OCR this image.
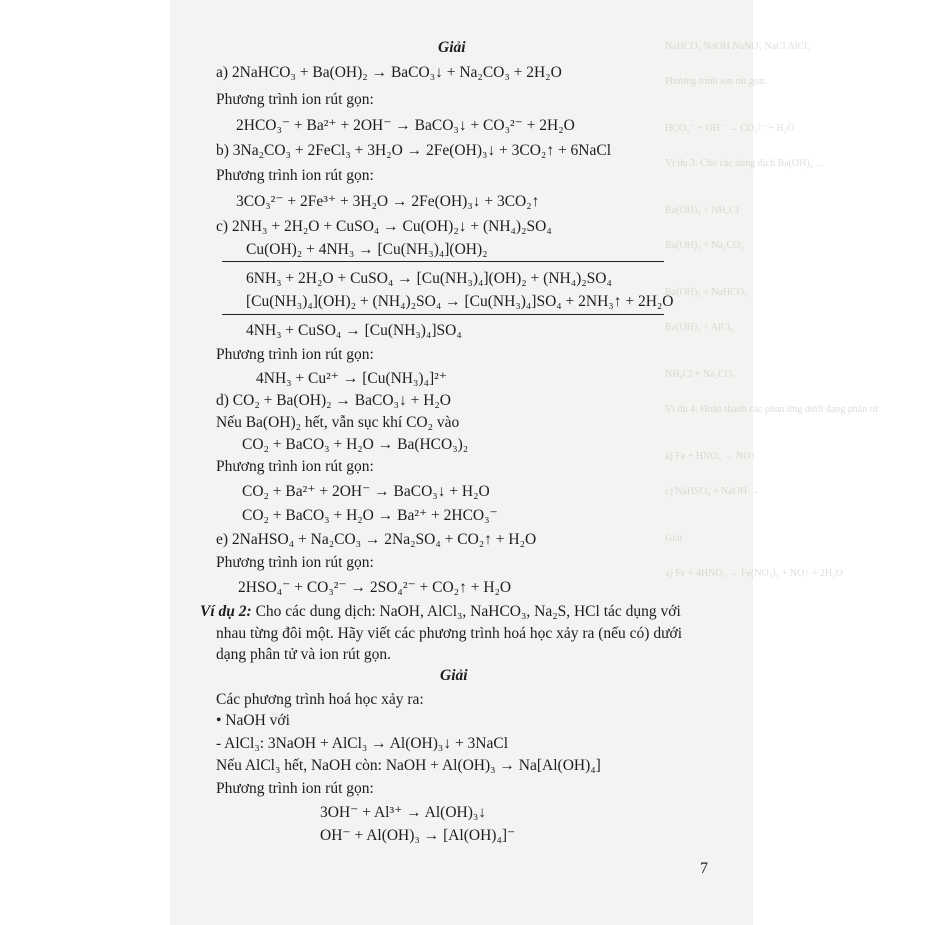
NaHCO₃ NaOH NaNO₃ NaCl AlCl₃
Phương trình ion rút gọn:
HCO₃⁻ + OH⁻ → CO₃²⁻ + H₂O
Ví dụ 3: Cho các dung dịch Ba(OH)₂ ...
Ba(OH)₂ + NH₄Cl
Ba(OH)₂ + Na₂CO₃
Ba(OH)₂ + NaHCO₃
Ba(OH)₂ + AlCl₃
NH₄Cl + Na₂CO₃
Ví dụ 4: Hoàn thành các phản ứng dưới dạng phân tử
a) Fe + HNO₃ → NO↑
c) NaHSO₄ + NaOH →
Giải
a) Fe + 4HNO₃ → Fe(NO₃)₃ + NO↑ + 2H₂O
Giải
a) 2NaHCO₃ + Ba(OH)₂ → BaCO₃↓ + Na₂CO₃ + 2H₂O
Phương trình ion rút gọn:
2HCO₃⁻ + Ba²⁺ + 2OH⁻ → BaCO₃↓ + CO₃²⁻ + 2H₂O
b) 3Na₂CO₃ + 2FeCl₃ + 3H₂O → 2Fe(OH)₃↓ + 3CO₂↑ + 6NaCl
Phương trình ion rút gọn:
3CO₃²⁻ + 2Fe³⁺ + 3H₂O → 2Fe(OH)₃↓ + 3CO₂↑
c) 2NH₃ + 2H₂O + CuSO₄ → Cu(OH)₂↓ + (NH₄)₂SO₄
Cu(OH)₂ + 4NH₃ → [Cu(NH₃)₄](OH)₂
6NH₃ + 2H₂O + CuSO₄ → [Cu(NH₃)₄](OH)₂ + (NH₄)₂SO₄
[Cu(NH₃)₄](OH)₂ + (NH₄)₂SO₄ → [Cu(NH₃)₄]SO₄ + 2NH₃↑ + 2H₂O
4NH₃ + CuSO₄ → [Cu(NH₃)₄]SO₄
Phương trình ion rút gọn:
4NH₃ + Cu²⁺ → [Cu(NH₃)₄]²⁺
d) CO₂ + Ba(OH)₂ → BaCO₃↓ + H₂O
Nếu Ba(OH)₂ hết, vẫn sục khí CO₂ vào
CO₂ + BaCO₃ + H₂O → Ba(HCO₃)₂
Phương trình ion rút gọn:
CO₂ + Ba²⁺ + 2OH⁻ → BaCO₃↓ + H₂O
CO₂ + BaCO₃ + H₂O → Ba²⁺ + 2HCO₃⁻
e) 2NaHSO₄ + Na₂CO₃ → 2Na₂SO₄ + CO₂↑ + H₂O
Phương trình ion rút gọn:
2HSO₄⁻ + CO₃²⁻ → 2SO₄²⁻ + CO₂↑ + H₂O
Giải
Các phương trình hoá học xảy ra:
• NaOH với
- AlCl₃: 3NaOH + AlCl₃ → Al(OH)₃↓ + 3NaCl
Nếu AlCl₃ hết, NaOH còn: NaOH + Al(OH)₃ → Na[Al(OH)₄]
Phương trình ion rút gọn:
3OH⁻ + Al³⁺ → Al(OH)₃↓
OH⁻ + Al(OH)₃ → [Al(OH)₄]⁻
Ví dụ 2: Cho các dung dịch: NaOH, AlCl₃, NaHCO₃, Na₂S, HCl tác dụng với
nhau từng đôi một. Hãy viết các phương trình hoá học xảy ra (nếu có) dưới
dạng phân tử và ion rút gọn.
7
